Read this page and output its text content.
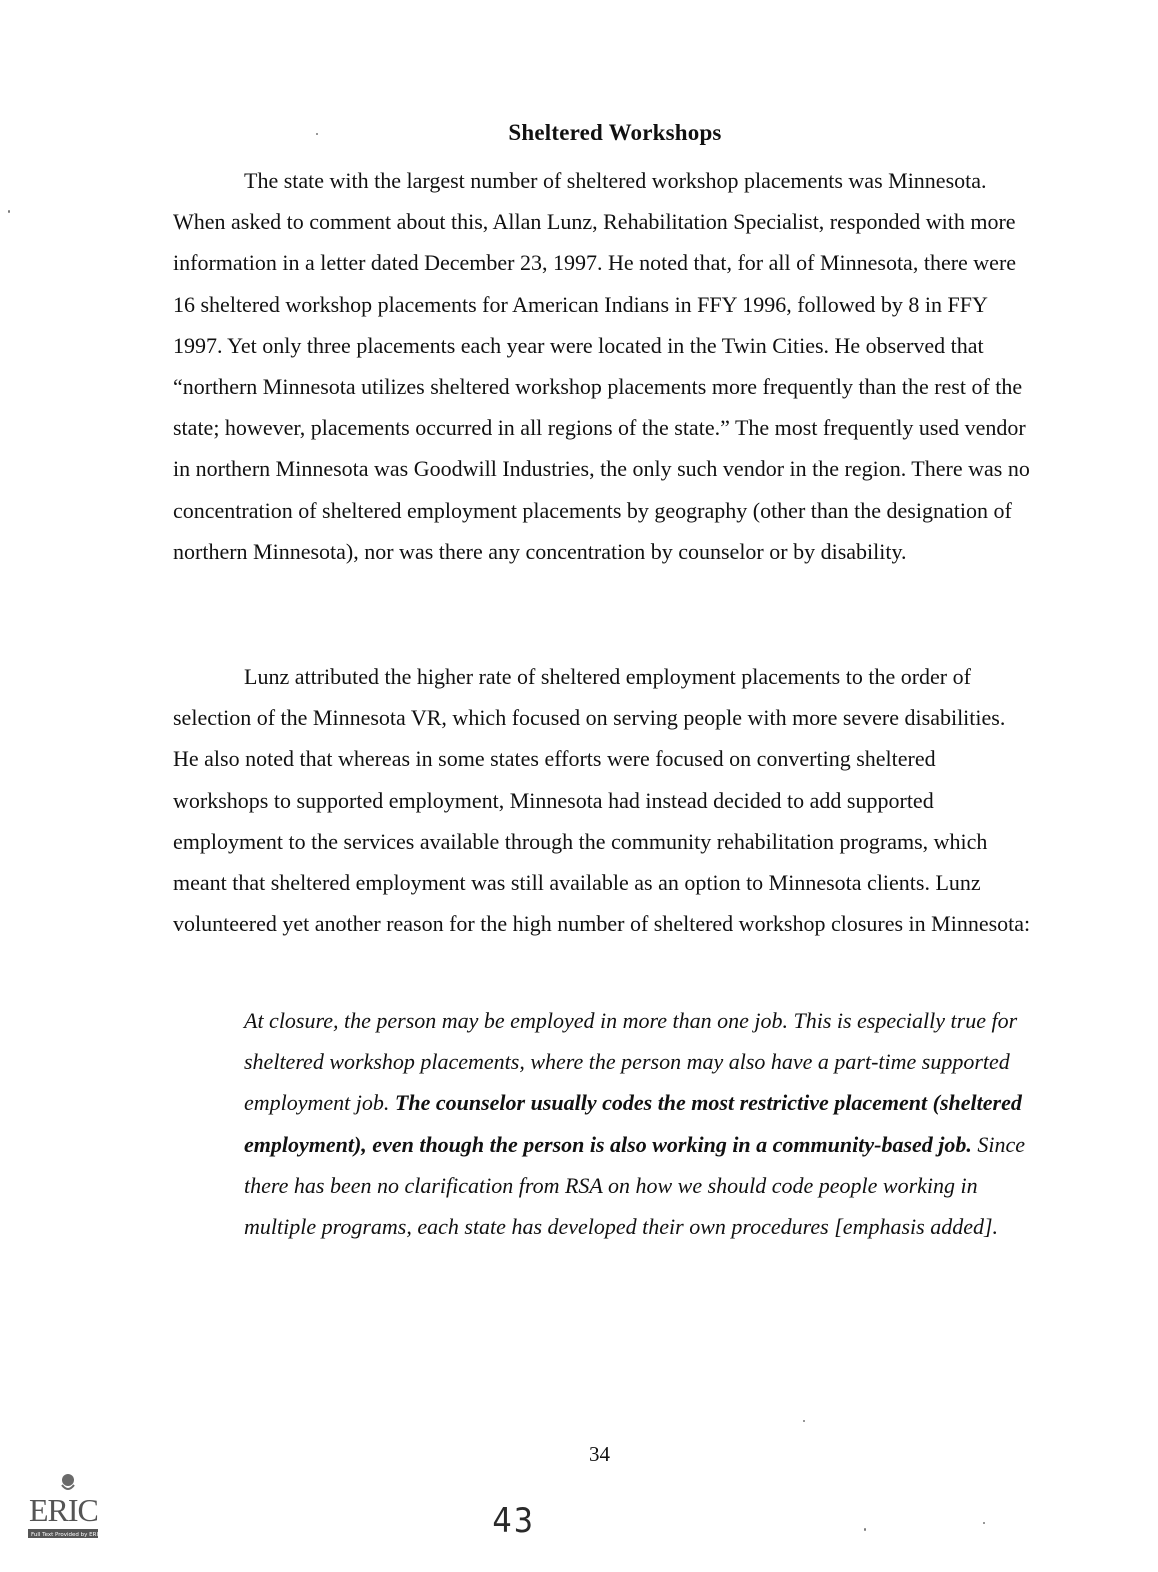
Sheltered Workshops
The state with the largest number of sheltered workshop placements was Minnesota. When asked to comment about this, Allan Lunz, Rehabilitation Specialist, responded with more information in a letter dated December 23, 1997. He noted that, for all of Minnesota, there were 16 sheltered workshop placements for American Indians in FFY 1996, followed by 8 in FFY 1997. Yet only three placements each year were located in the Twin Cities. He observed that “northern Minnesota utilizes sheltered workshop placements more frequently than the rest of the state; however, placements occurred in all regions of the state.” The most frequently used vendor in northern Minnesota was Goodwill Industries, the only such vendor in the region. There was no concentration of sheltered employment placements by geography (other than the designation of northern Minnesota), nor was there any concentration by counselor or by disability.
Lunz attributed the higher rate of sheltered employment placements to the order of selection of the Minnesota VR, which focused on serving people with more severe disabilities. He also noted that whereas in some states efforts were focused on converting sheltered workshops to supported employment, Minnesota had instead decided to add supported employment to the services available through the community rehabilitation programs, which meant that sheltered employment was still available as an option to Minnesota clients. Lunz volunteered yet another reason for the high number of sheltered workshop closures in Minnesota:
At closure, the person may be employed in more than one job. This is especially true for sheltered workshop placements, where the person may also have a part-time supported employment job. The counselor usually codes the most restrictive placement (sheltered employment), even though the person is also working in a community-based job. Since there has been no clarification from RSA on how we should code people working in multiple programs, each state has developed their own procedures [emphasis added].
34
43
ERIC
Full Text Provided by ERIC
